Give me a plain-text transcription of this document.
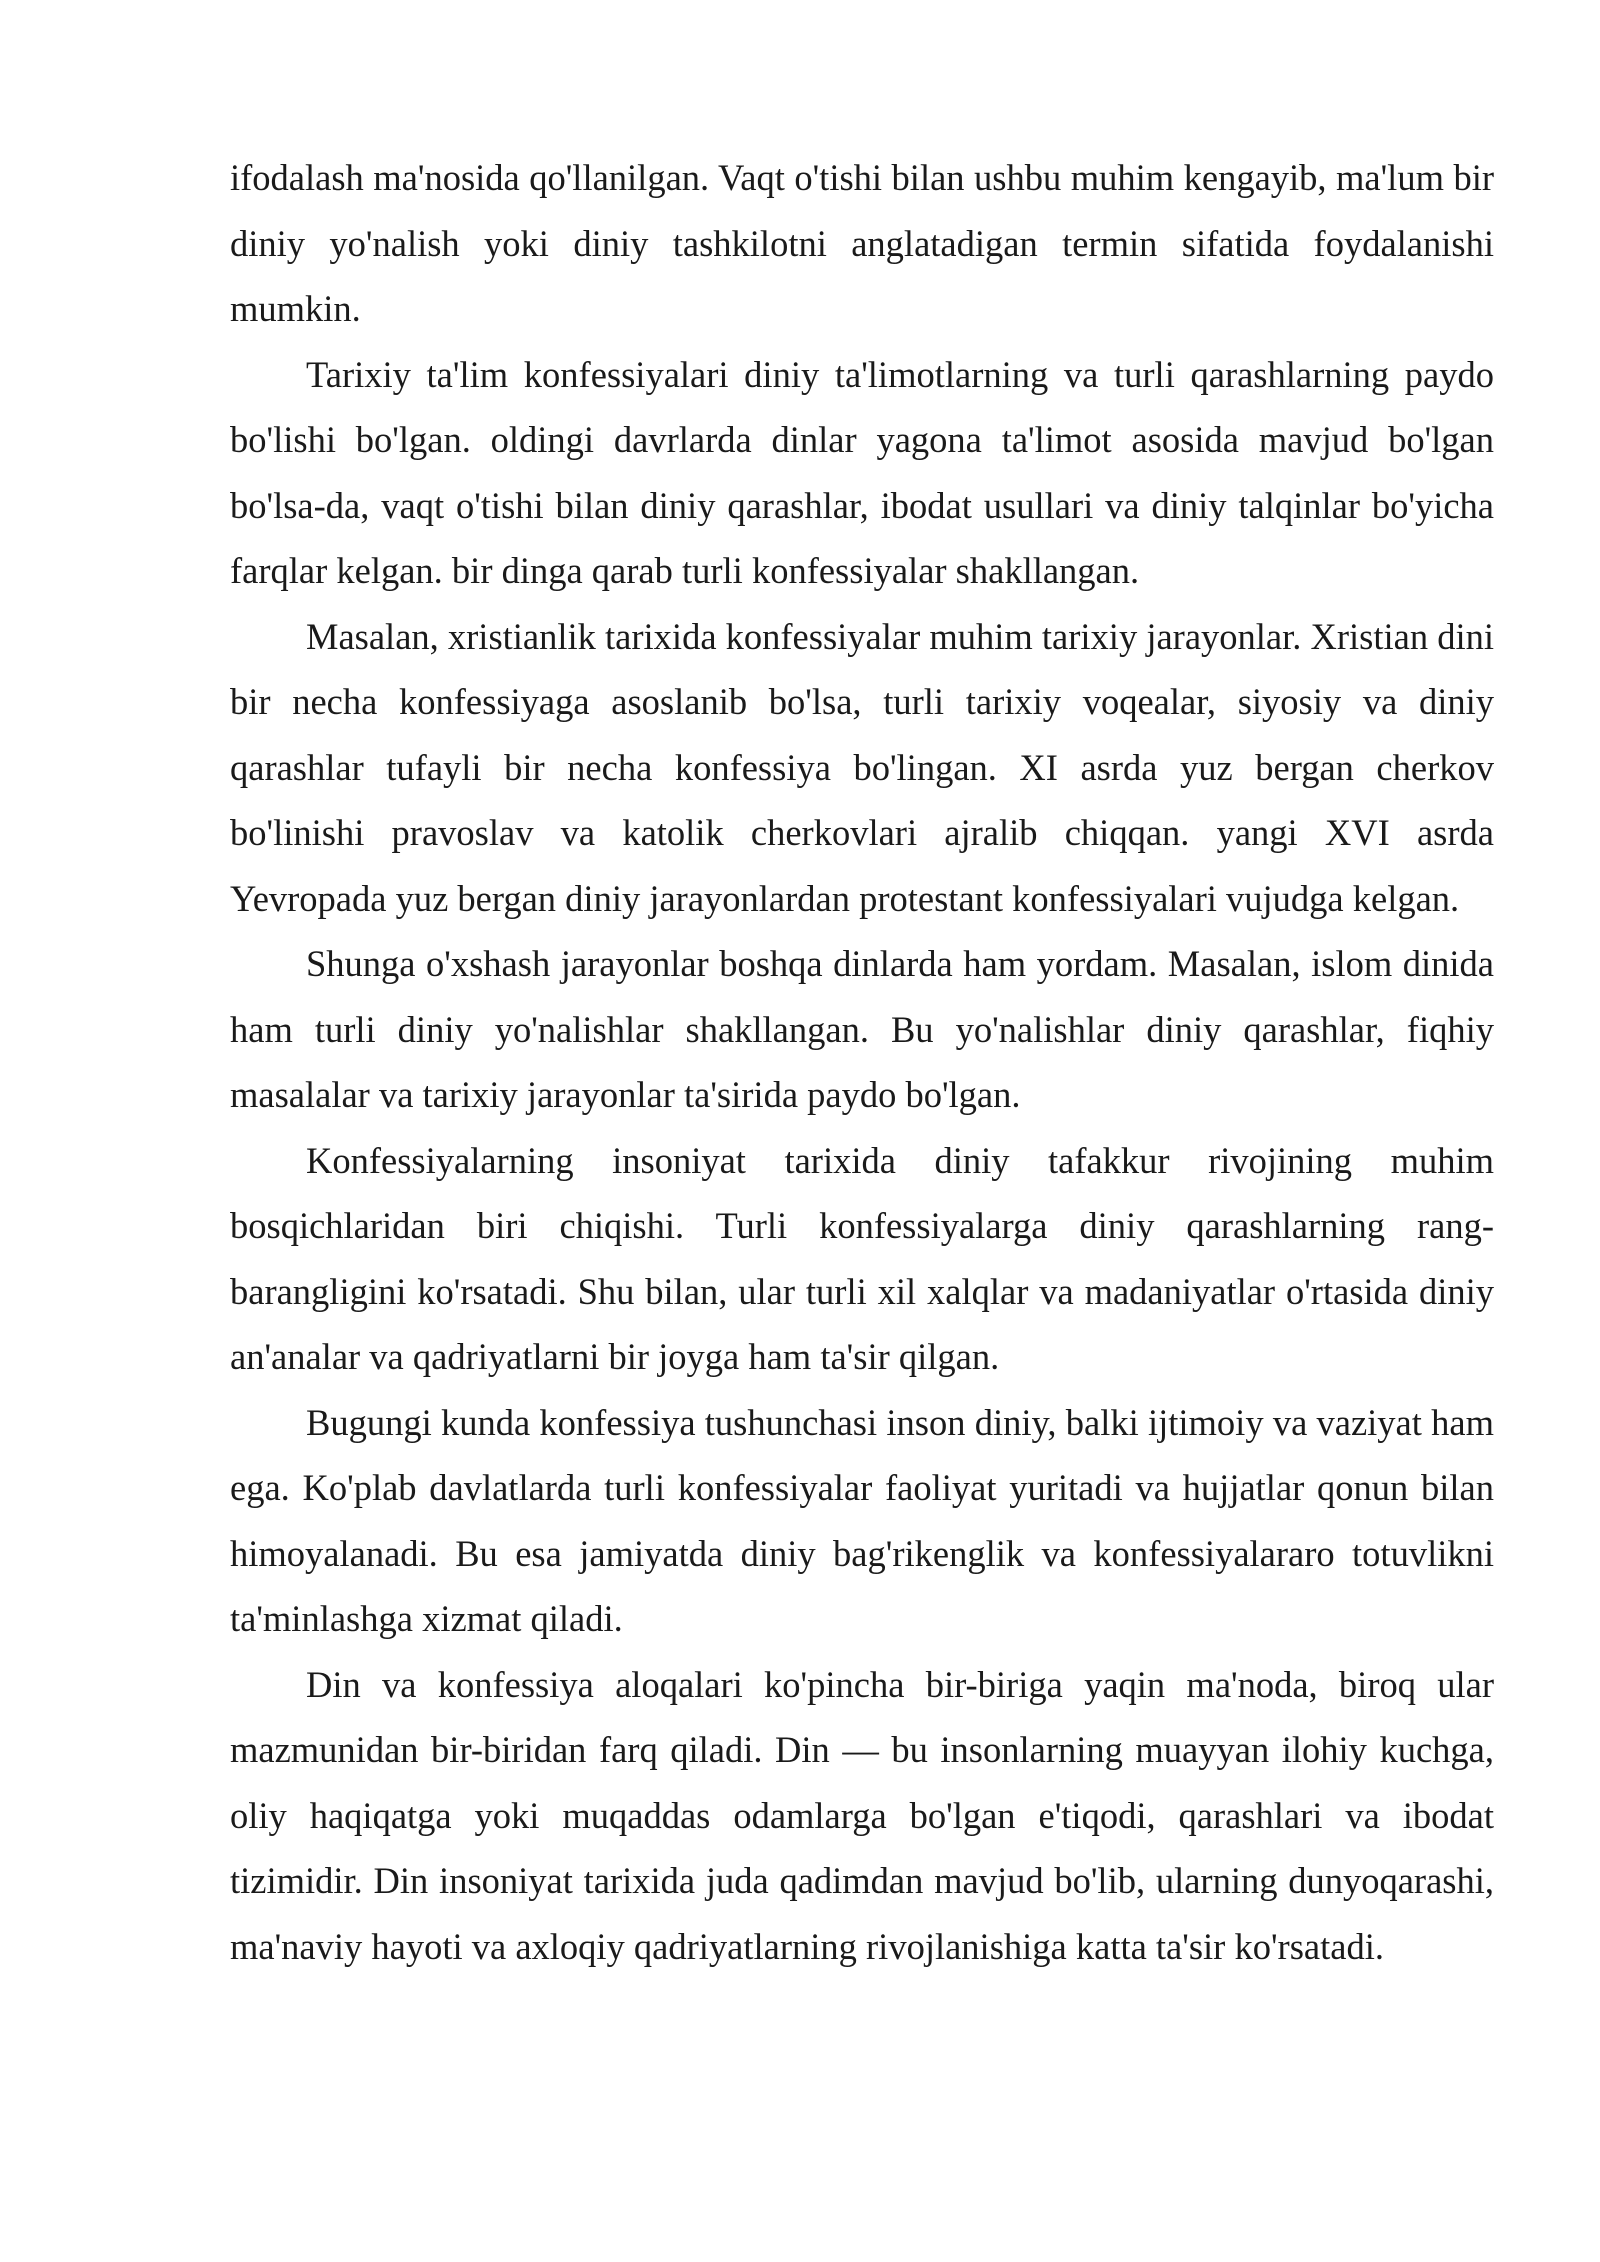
ifodalash ma'nosida qo'llanilgan. Vaqt o'tishi bilan ushbu muhim kengayib, ma'lum bir diniy yo'nalish yoki diniy tashkilotni anglatadigan termin sifatida foydalanishi mumkin.

Tarixiy ta'lim konfessiyalari diniy ta'limotlarning va turli qarashlarning paydo bo'lishi bo'lgan. oldingi davrlarda dinlar yagona ta'limot asosida mavjud bo'lgan bo'lsa-da, vaqt o'tishi bilan diniy qarashlar, ibodat usullari va diniy talqinlar bo'yicha farqlar kelgan. bir dinga qarab turli konfessiyalar shakllangan.

Masalan, xristianlik tarixida konfessiyalar muhim tarixiy jarayonlar. Xristian dini bir necha konfessiyaga asoslanib bo'lsa, turli tarixiy voqealar, siyosiy va diniy qarashlar tufayli bir necha konfessiya bo'lingan. XI asrda yuz bergan cherkov bo'linishi pravoslav va katolik cherkovlari ajralib chiqqan. yangi XVI asrda Yevropada yuz bergan diniy jarayonlardan protestant konfessiyalari vujudga kelgan.

Shunga o'xshash jarayonlar boshqa dinlarda ham yordam. Masalan, islom dinida ham turli diniy yo'nalishlar shakllangan. Bu yo'nalishlar diniy qarashlar, fiqhiy masalalar va tarixiy jarayonlar ta'sirida paydo bo'lgan.

Konfessiyalarning insoniyat tarixida diniy tafakkur rivojining muhim bosqichlaridan biri chiqishi. Turli konfessiyalarga diniy qarashlarning rang-barangligini ko'rsatadi. Shu bilan, ular turli xil xalqlar va madaniyatlar o'rtasida diniy an'analar va qadriyatlarni bir joyga ham ta'sir qilgan.

Bugungi kunda konfessiya tushunchasi inson diniy, balki ijtimoiy va vaziyat ham ega. Ko'plab davlatlarda turli konfessiyalar faoliyat yuritadi va hujjatlar qonun bilan himoyalanadi. Bu esa jamiyatda diniy bag'rikenglik va konfessiyalararo totuvlikni ta'minlashga xizmat qiladi.

Din va konfessiya aloqalari ko'pincha bir-biriga yaqin ma'noda, biroq ular mazmunidan bir-biridan farq qiladi. Din — bu insonlarning muayyan ilohiy kuchga, oliy haqiqatga yoki muqaddas odamlarga bo'lgan e'tiqodi, qarashlari va ibodat tizimidir. Din insoniyat tarixida juda qadimdan mavjud bo'lib, ularning dunyoqarashi, ma'naviy hayoti va axloqiy qadriyatlarning rivojlanishiga katta ta'sir ko'rsatadi.
